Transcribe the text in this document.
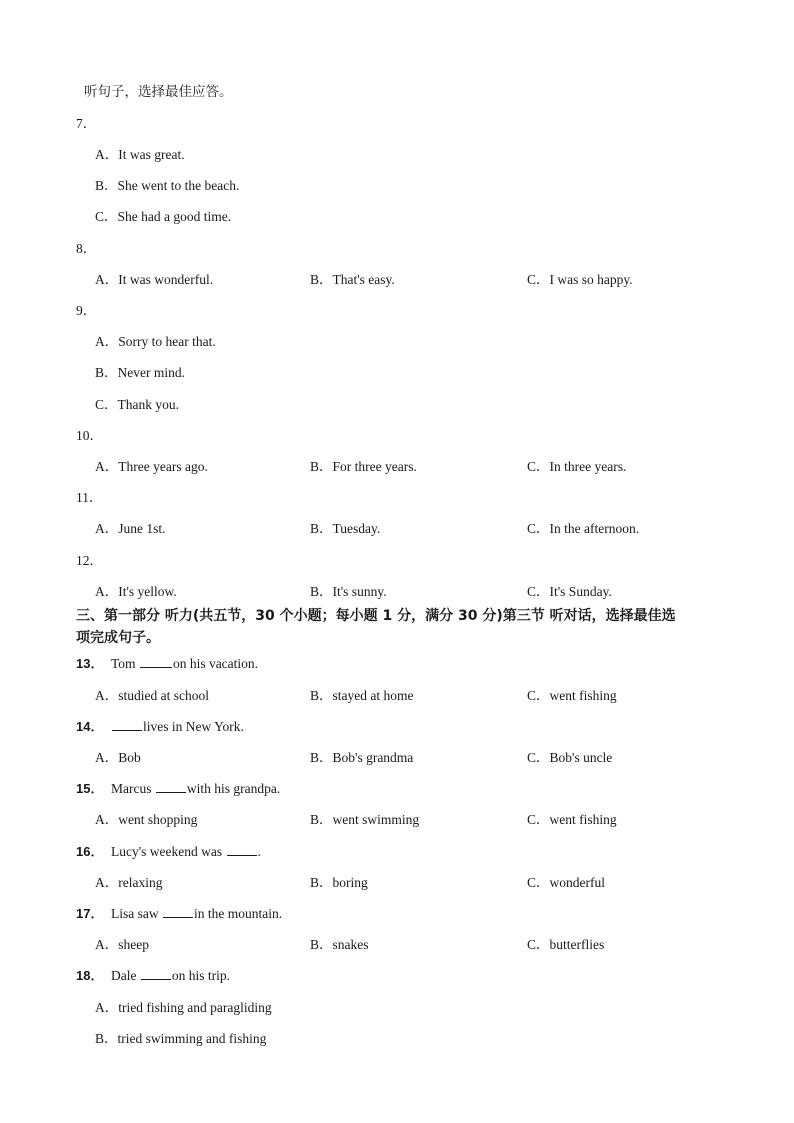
听句子，选择最佳应答。
7．
A．It was great.
B．She went to the beach.
C．She had a good time.
8．
A．It was wonderful.	B．That's easy.	C．I was so happy.
9．
A．Sorry to hear that.
B．Never mind.
C．Thank you.
10．
A．Three years ago.	B．For three years.	C．In three years.
11．
A．June 1st.	B．Tuesday.	C．In the afternoon.
12．
A．It's yellow.	B．It's sunny.	C．It's Sunday.
三、第一部分 听力(共五节，30 个小题；每小题 1 分，满分 30 分)第三节 听对话，选择最佳选
项完成句子。
13． Tom	on his vacation.
A．studied at school	B．stayed at home	C．went fishing
14．	lives in New York.
A．Bob	B．Bob's grandma	C．Bob's uncle
15． Marcus with his grandpa.
A．went shopping	B．went swimming	C．went fishing
16． Lucy's weekend was .
A．relaxing	B．boring	C．wonderful
17． Lisa saw in the mountain.
A．sheep	B．snakes	C．butterflies
18． Dale on his trip.
A．tried fishing and paragliding
B．tried swimming and fishing
